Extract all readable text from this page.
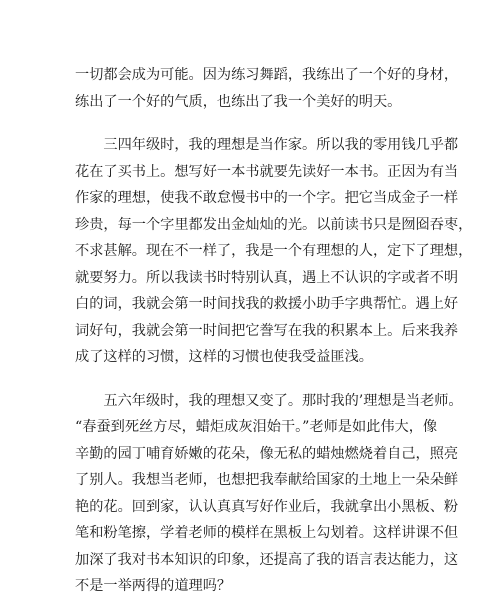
一切都会成为可能。因为练习舞蹈，我练出了一个好的身材，
练出了一个好的气质，也练出了我一个美好的明天。
　　三四年级时，我的理想是当作家。所以我的零用钱几乎都
花在了买书上。想写好一本书就要先读好一本书。正因为有当
作家的理想，使我不敢怠慢书中的一个字。把它当成金子一样
珍贵，每一个字里都发出金灿灿的光。以前读书只是囫囵吞枣，
不求甚解。现在不一样了，我是一个有理想的人，定下了理想，
就要努力。所以我读书时特别认真，遇上不认识的字或者不明
白的词，我就会第一时间找我的救援小助手字典帮忙。遇上好
词好句，我就会第一时间把它誊写在我的积累本上。后来我养
成了这样的习惯，这样的习惯也使我受益匪浅。
　　五六年级时，我的理想又变了。那时我的’理想是当老师。
“春蚕到死丝方尽，蜡炬成灰泪始干。”老师是如此伟大，像
辛勤的园丁哺育娇嫩的花朵，像无私的蜡烛燃烧着自己，照亮
了别人。我想当老师，也想把我奉献给国家的土地上一朵朵鲜
艳的花。回到家，认认真真写好作业后，我就拿出小黑板、粉
笔和粉笔擦，学着老师的模样在黑板上勾划着。这样讲课不但
加深了我对书本知识的印象，还提高了我的语言表达能力，这
不是一举两得的道理吗？
